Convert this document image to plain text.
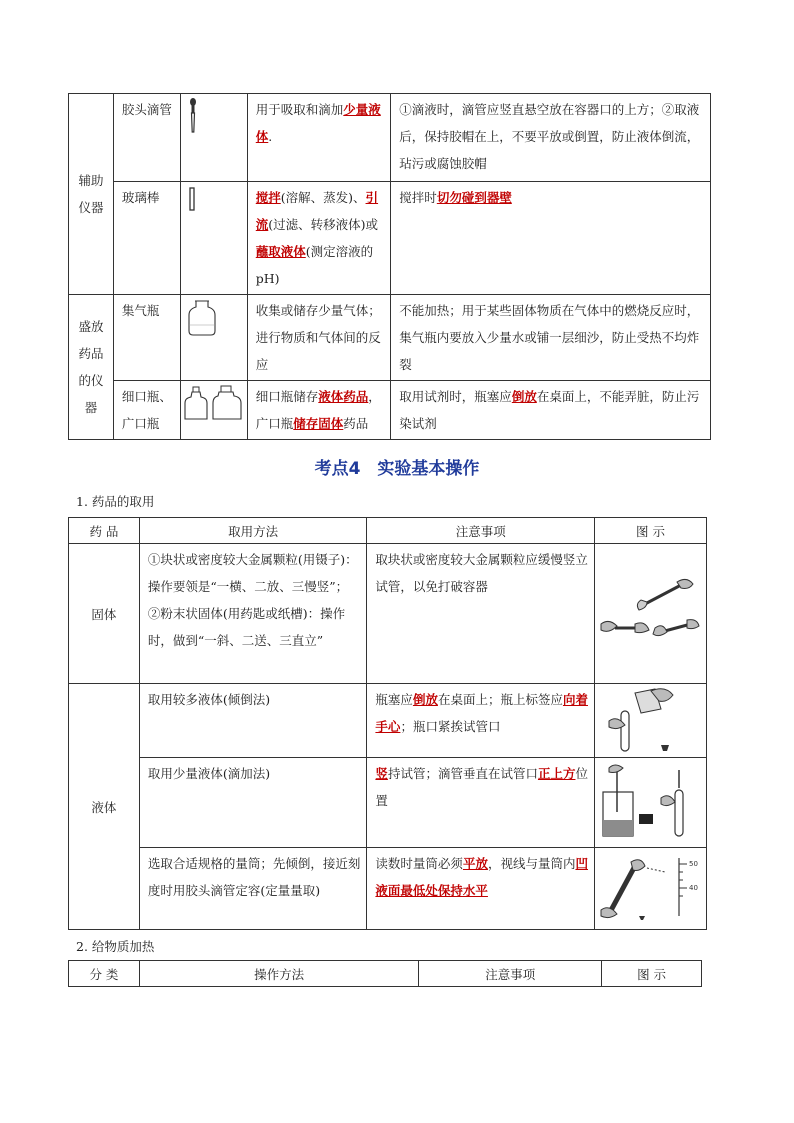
辅助仪器	胶头滴管		用于吸取和滴加少量液体.	①滴液时，滴管应竖直悬空放在容器口的上方；②取液后，保持胶帽在上，不要平放或倒置，防止液体倒流，玷污或腐蚀胶帽

	玻璃棒		搅拌(溶解、蒸发)、引流(过滤、转移液体)或蘸取液体(测定溶液的pH)	搅拌时切勿碰到器壁

盛放药品的仪器	集气瓶		收集或储存少量气体；进行物质和气体间的反应	不能加热；用于某些固体物质在气体中的燃烧反应时，集气瓶内要放入少量水或铺一层细沙，防止受热不均炸裂

	细口瓶、广口瓶		细口瓶储存液体药品，广口瓶储存固体药品	取用试剂时，瓶塞应倒放在桌面上，不能弄脏，防止污染试剂
考点4　实验基本操作
1. 药品的取用
药 品	取用方法	注意事项	图 示
固体	①块状或密度较大金属颗粒(用镊子)：操作要领是“一横、二放、三慢竖”；②粉末状固体(用药匙或纸槽)：操作时，做到“一斜、二送、三直立”	取块状或密度较大金属颗粒应缓慢竖立试管，以免打破容器

液体	取用较多液体(倾倒法)	瓶塞应倒放在桌面上；瓶上标签应向着手心；瓶口紧挨试管口

	取用少量液体(滴加法)	竖持试管；滴管垂直在试管口正上方位置

	选取合适规格的量筒；先倾倒，接近刻度时用胶头滴管定容(定量量取)	读数时量筒必须平放，视线与量筒内凹液面最低处保持水平	50
40
2. 给物质加热
分 类	操作方法	注意事项	图 示
